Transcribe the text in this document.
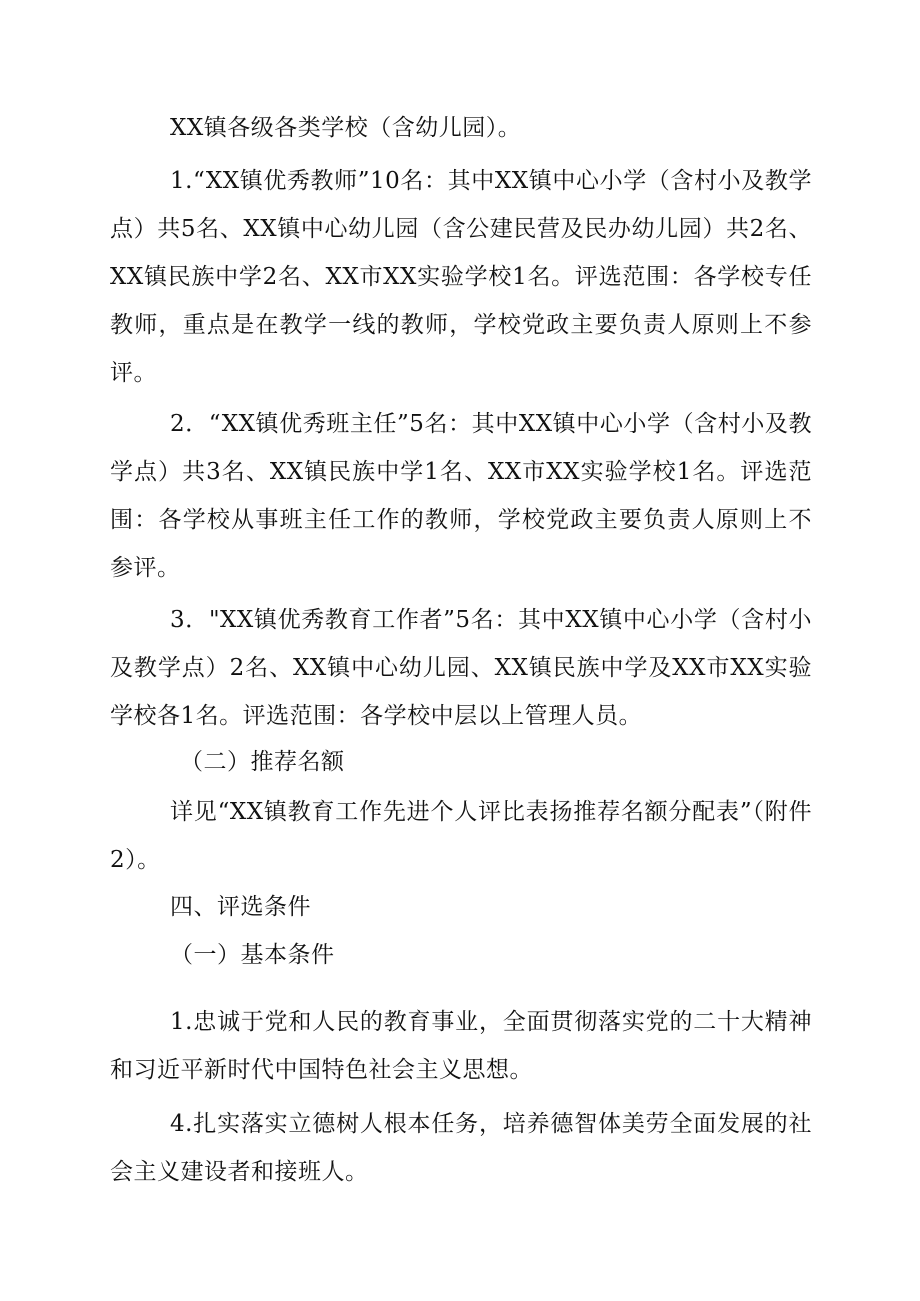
XX镇各级各类学校（含幼儿园）。

1.“XX镇优秀教师”10名：其中XX镇中心小学（含村小及教学点）共5名、XX镇中心幼儿园（含公建民营及民办幼儿园）共2名、XX镇民族中学2名、XX市XX实验学校1名。评选范围：各学校专任教师，重点是在教学一线的教师，学校党政主要负责人原则上不参评。

2．“XX镇优秀班主任”5名：其中XX镇中心小学（含村小及教学点）共3名、XX镇民族中学1名、XX市XX实验学校1名。评选范围：各学校从事班主任工作的教师，学校党政主要负责人原则上不参评。

3．"XX镇优秀教育工作者”5名：其中XX镇中心小学（含村小及教学点）2名、XX镇中心幼儿园、XX镇民族中学及XX市XX实验学校各1名。评选范围：各学校中层以上管理人员。

（二）推荐名额

详见“XX镇教育工作先进个人评比表扬推荐名额分配表”（附件2）。

四、评选条件

（一）基本条件

1.忠诚于党和人民的教育事业，全面贯彻落实党的二十大精神和习近平新时代中国特色社会主义思想。

4.扎实落实立德树人根本任务，培养德智体美劳全面发展的社会主义建设者和接班人。
